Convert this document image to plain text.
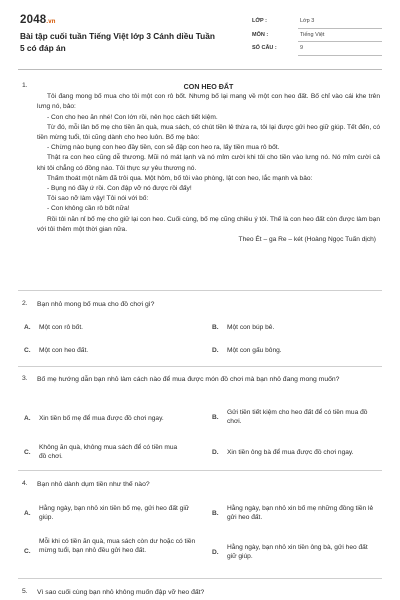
2048.vn
Bài tập cuối tuần Tiếng Việt lớp 3 Cánh diều Tuần 5 có đáp án
LỚP :	Lớp 3
MÔN :	Tiếng Việt
SỐ CÂU :	9
1.	CON HEO ĐẤT
Tôi đang mong bố mua cho tôi một con rô bốt. Nhưng bố lại mang về một con heo đất. Bố chỉ vào cái khe trên lưng nó, bảo:
- Con cho heo ăn nhé! Con lớn rồi, nên học cách tiết kiệm.
Từ đó, mỗi lần bố mẹ cho tiền ăn quà, mua sách, có chút tiền lẻ thừa ra, tôi lại được gửi heo giữ giúp. Tết đến, có tiền mừng tuổi, tôi cũng dành cho heo luôn. Bố mẹ bảo:
- Chừng nào bụng con heo đầy tiền, con sẽ đập con heo ra, lấy tiền mua rô bốt.
Thật ra con heo cũng dễ thương. Mũi nó mát lạnh và nó mỉm cười khi tôi cho tiền vào lưng nó. Nó mỉm cười cả khi tôi chẳng có đồng nào. Tôi thực sự yêu thương nó.
Thấm thoát một năm đã trôi qua. Một hôm, bố tôi vào phòng, lật con heo, lắc mạnh và bảo:
- Bụng nó đầy ứ rồi. Con đập vỡ nó được rồi đấy!
Tôi sao nỡ làm vậy! Tôi nói với bố:
- Con không cần rô bốt nữa!
Rồi tôi năn nỉ bố mẹ cho giữ lại con heo. Cuối cùng, bố mẹ cũng chiều ý tôi. Thế là con heo đất còn được làm bạn với tôi thêm một thời gian nữa.
Theo Ét – ga Re – két (Hoàng Ngọc Tuấn dịch)
2. Bạn nhỏ mong bố mua cho đồ chơi gì?
A. Một con rô bốt.	B. Một con búp bê.
C. Một con heo đất.	D. Một con gấu bông.
3. Bố mẹ hướng dẫn bạn nhỏ làm cách nào để mua được món đồ chơi mà bạn nhỏ đang mong muốn?
A. Xin tiền bố mẹ để mua được đồ chơi ngay.	B.
Gửi tiền tiết kiệm cho heo đất để có tiền mua đồ chơi.
C.
Không ăn quà, không mua sách để có tiền mua đồ chơi.
D. Xin tiền ông bà để mua được đồ chơi ngay.
4. Bạn nhỏ dành dụm tiền như thế nào?
A.
Hằng ngày, bạn nhỏ xin tiền bố mẹ, gửi heo đất giữ giúp.
B.
Hằng ngày, bạn nhỏ xin bố mẹ những đồng tiền lẻ gửi heo đất.
C.
Mỗi khi có tiền ăn quà, mua sách còn dư hoặc có tiền mừng tuổi, bạn nhỏ đều gửi heo đất.	D.
Hằng ngày, bạn nhỏ xin tiền ông bà, gửi heo đất giữ giúp.
5. Vì sao cuối cùng bạn nhỏ không muốn đập vỡ heo đất?
